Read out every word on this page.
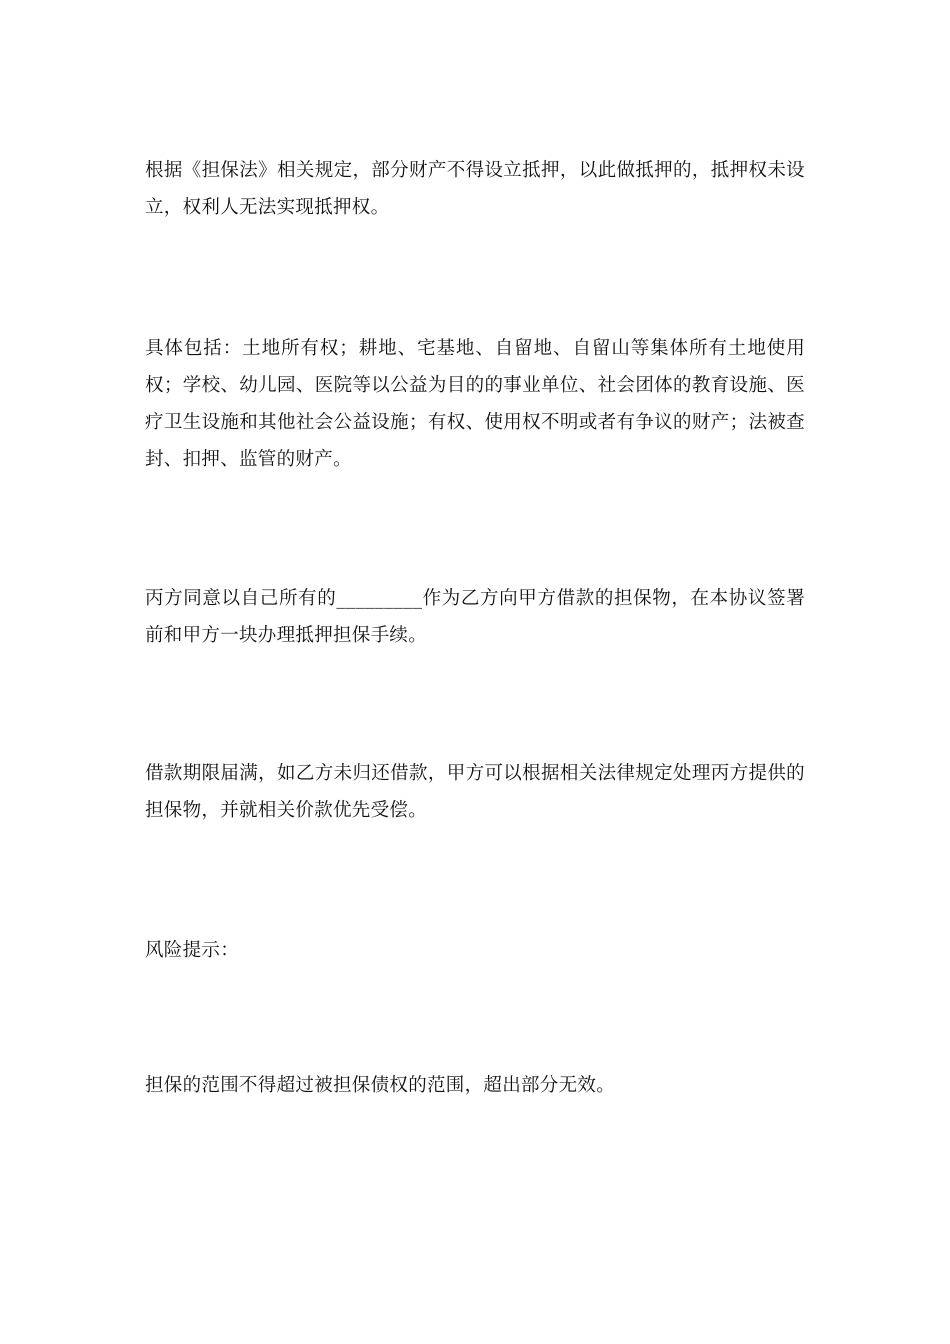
根据《担保法》相关规定，部分财产不得设立抵押，以此做抵押的，抵押权未设立，权利人无法实现抵押权。

具体包括：土地所有权；耕地、宅基地、自留地、自留山等集体所有土地使用权；学校、幼儿园、医院等以公益为目的的事业单位、社会团体的教育设施、医疗卫生设施和其他社会公益设施；有权、使用权不明或者有争议的财产；法被查封、扣押、监管的财产。

丙方同意以自己所有的_________作为乙方向甲方借款的担保物，在本协议签署前和甲方一块办理抵押担保手续。

借款期限届满，如乙方未归还借款，甲方可以根据相关法律规定处理丙方提供的担保物，并就相关价款优先受偿。

风险提示：

担保的范围不得超过被担保债权的范围，超出部分无效。
